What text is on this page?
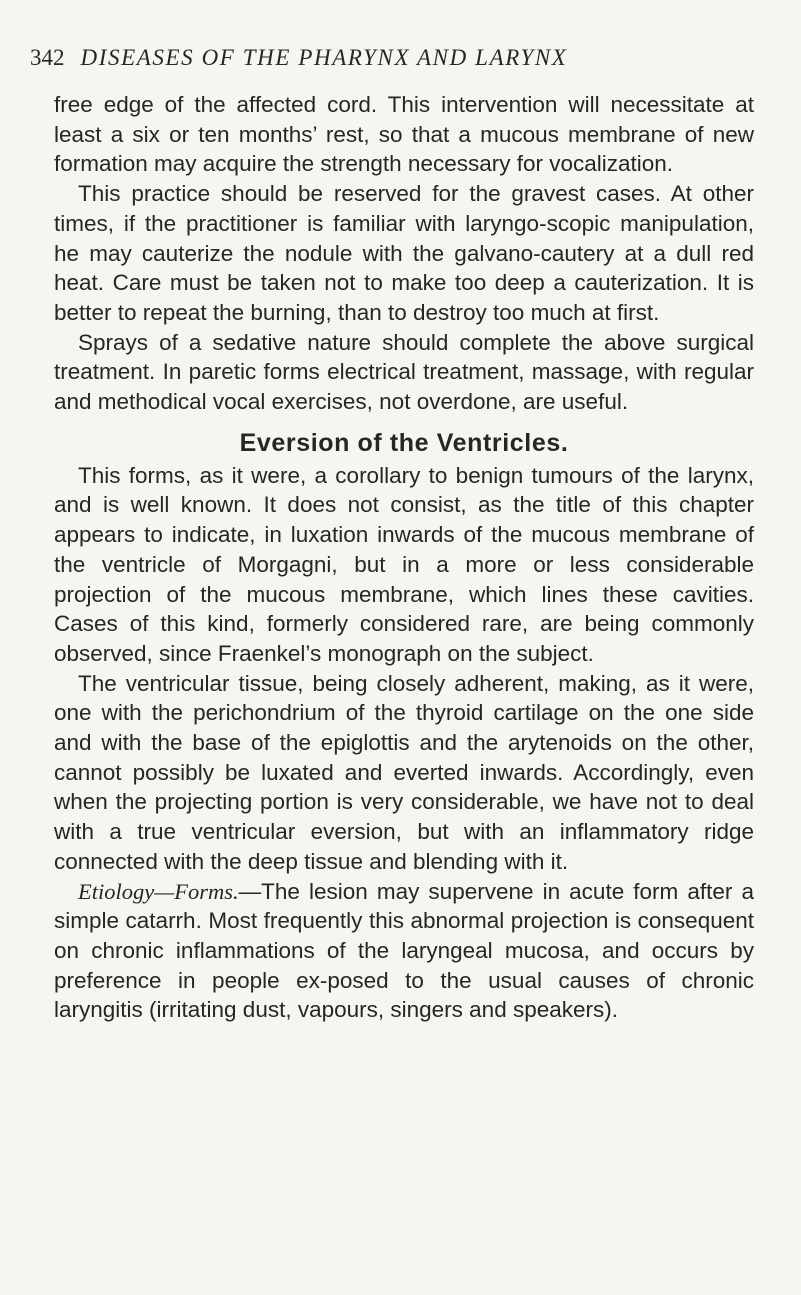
342 DISEASES OF THE PHARYNX AND LARYNX

free edge of the affected cord. This intervention will necessitate at least a six or ten months’ rest, so that a mucous membrane of new formation may acquire the strength necessary for vocalization.

This practice should be reserved for the gravest cases. At other times, if the practitioner is familiar with laryngo-scopic manipulation, he may cauterize the nodule with the galvano-cautery at a dull red heat. Care must be taken not to make too deep a cauterization. It is better to repeat the burning, than to destroy too much at first.

Sprays of a sedative nature should complete the above surgical treatment. In paretic forms electrical treatment, massage, with regular and methodical vocal exercises, not overdone, are useful.

Eversion of the Ventricles.

This forms, as it were, a corollary to benign tumours of the larynx, and is well known. It does not consist, as the title of this chapter appears to indicate, in luxation inwards of the mucous membrane of the ventricle of Morgagni, but in a more or less considerable projection of the mucous membrane, which lines these cavities. Cases of this kind, formerly considered rare, are being commonly observed, since Fraenkel’s monograph on the subject.

The ventricular tissue, being closely adherent, making, as it were, one with the perichondrium of the thyroid cartilage on the one side and with the base of the epiglottis and the arytenoids on the other, cannot possibly be luxated and everted inwards. Accordingly, even when the projecting portion is very considerable, we have not to deal with a true ventricular eversion, but with an inflammatory ridge connected with the deep tissue and blending with it.

Etiology—Forms.—The lesion may supervene in acute form after a simple catarrh. Most frequently this abnormal projection is consequent on chronic inflammations of the laryngeal mucosa, and occurs by preference in people ex-posed to the usual causes of chronic laryngitis (irritating dust, vapours, singers and speakers).
